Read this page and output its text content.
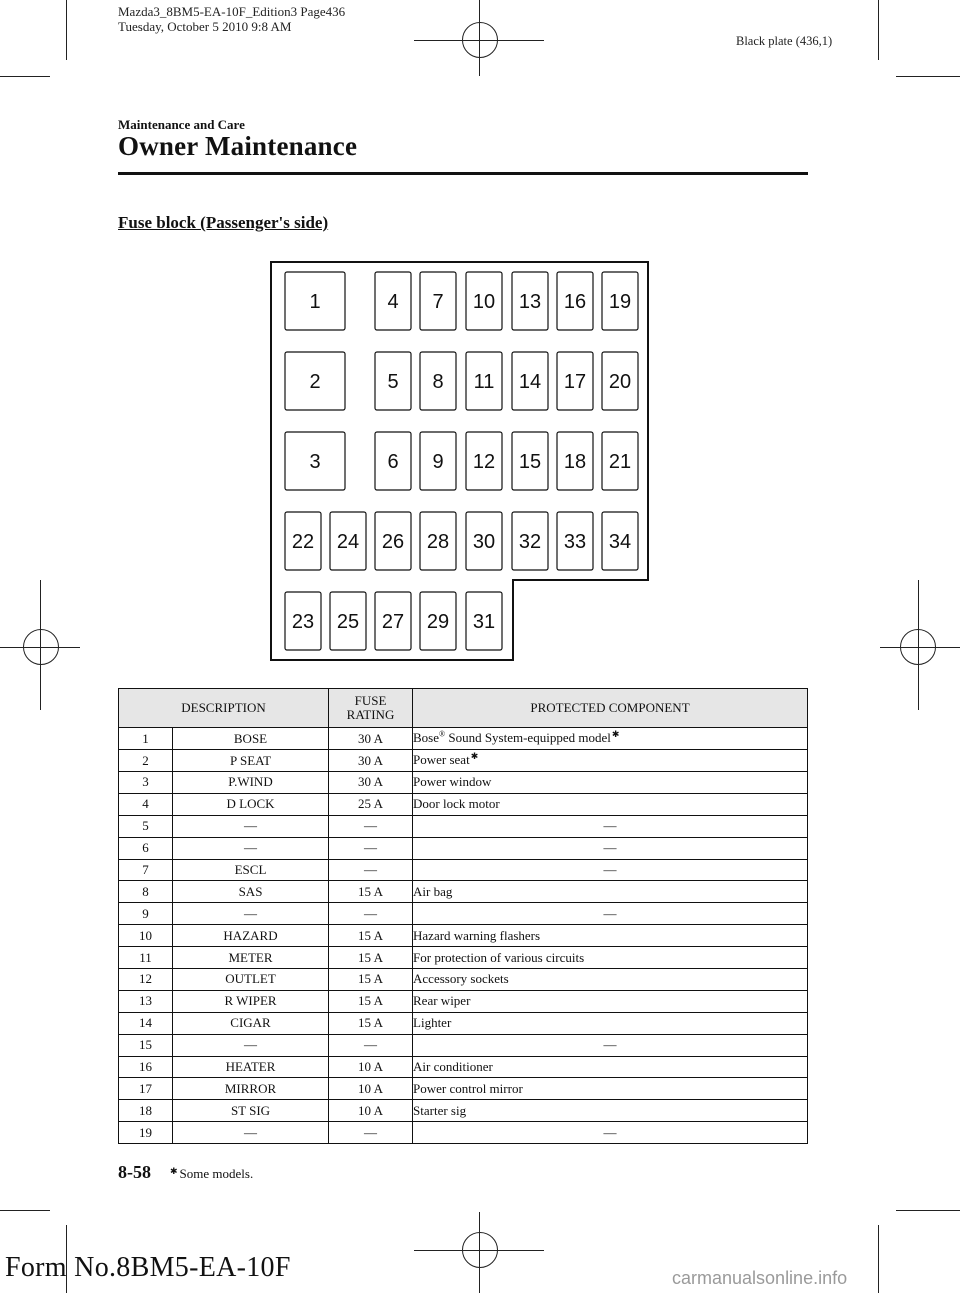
Mazda3_8BM5-EA-10F_Edition3 Page436
Tuesday, October 5 2010 9:8 AM
Black plate (436,1)
Maintenance and Care
Owner Maintenance
Fuse block (Passenger's side)
1
2
3
4
5
6
7
8
9
10
11
12
13
14
15
16
17
18
19
20
21
22 24 26 28 30 32 33 34
23 25 27 29 31
DESCRIPTION		FUSE
RATING	PROTECTED COMPONENT
1	BOSE	30 A	Bose® Sound System-equipped model✱
2	P SEAT	30 A	Power seat✱
3	P.WIND	30 A	Power window
4	D LOCK	25 A	Door lock motor
5	―	―	―
6	―	―	―
7	ESCL	―	―
8	SAS	15 A	Air bag
9	―	―	―
10	HAZARD	15 A	Hazard warning flashers
11	METER	15 A	For protection of various circuits
12	OUTLET	15 A	Accessory sockets
13	R WIPER	15 A	Rear wiper
14	CIGAR	15 A	Lighter
15	―	―	―
16	HEATER	10 A	Air conditioner
17	MIRROR	10 A	Power control mirror
18	ST SIG	10 A	Starter sig
19	―	―	―
8-58 ✱ Some models.
Form No.8BM5-EA-10F	carmanualsonline.info
